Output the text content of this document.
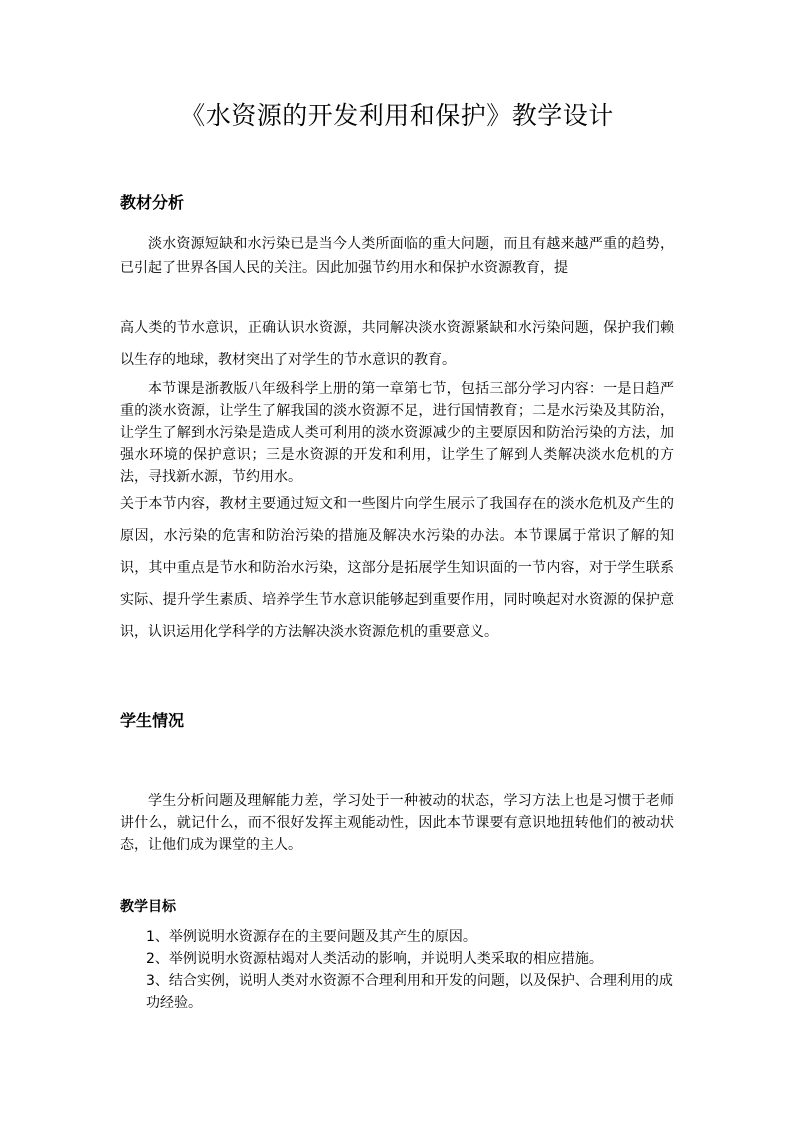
《水资源的开发利用和保护》教学设计
教材分析

淡水资源短缺和水污染已是当今人类所面临的重大问题，而且有越来越严重的趋势，已引起了世界各国人民的关注。因此加强节约用水和保护水资源教育，提

高人类的节水意识，正确认识水资源，共同解决淡水资源紧缺和水污染问题，保护我们赖以生存的地球，教材突出了对学生的节水意识的教育。

本节课是浙教版八年级科学上册的第一章第七节，包括三部分学习内容：一是日趋严重的淡水资源，让学生了解我国的淡水资源不足，进行国情教育；二是水污染及其防治，让学生了解到水污染是造成人类可利用的淡水资源减少的主要原因和防治污染的方法，加强水环境的保护意识；三是水资源的开发和利用，让学生了解到人类解决淡水危机的方法，寻找新水源，节约用水。

关于本节内容，教材主要通过短文和一些图片向学生展示了我国存在的淡水危机及产生的原因，水污染的危害和防治污染的措施及解决水污染的办法。本节课属于常识了解的知识，其中重点是节水和防治水污染，这部分是拓展学生知识面的一节内容，对于学生联系实际、提升学生素质、培养学生节水意识能够起到重要作用，同时唤起对水资源的保护意识，认识运用化学科学的方法解决淡水资源危机的重要意义。

学生情况

学生分析问题及理解能力差，学习处于一种被动的状态，学习方法上也是习惯于老师讲什么，就记什么，而不很好发挥主观能动性，因此本节课要有意识地扭转他们的被动状态，让他们成为课堂的主人。

教学目标
1、举例说明水资源存在的主要问题及其产生的原因。
2、举例说明水资源枯竭对人类活动的影响，并说明人类采取的相应措施。
3、结合实例，说明人类对水资源不合理利用和开发的问题，以及保护、合理利用的成功经验。
